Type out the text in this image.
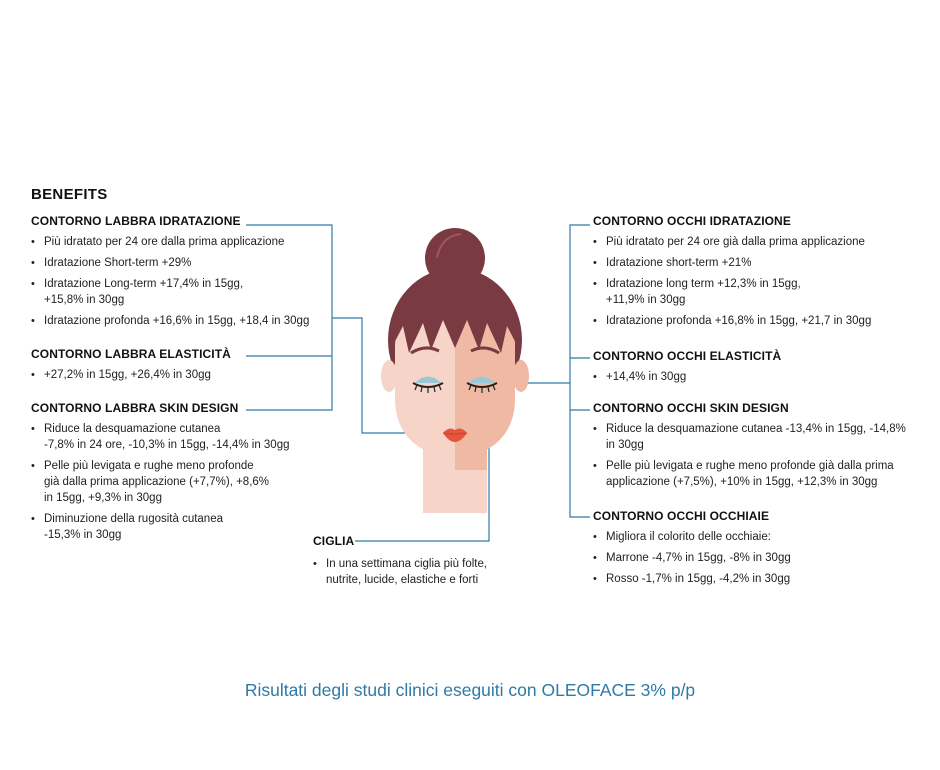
BENEFITS
CONTORNO LABBRA IDRATAZIONE
• Più idratato per 24 ore dalla prima applicazione
• Idratazione Short-term +29%
• Idratazione Long-term +17,4% in 15gg,
+15,8% in 30gg
• Idratazione profonda +16,6% in 15gg, +18,4 in 30gg
CONTORNO LABBRA ELASTICITÀ
• +27,2% in 15gg, +26,4% in 30gg
CONTORNO LABBRA SKIN DESIGN
• Riduce la desquamazione cutanea
-7,8% in 24 ore, -10,3% in 15gg, -14,4% in 30gg
• Pelle più levigata e rughe meno profonde
già dalla prima applicazione (+7,7%), +8,6%
in 15gg, +9,3% in 30gg
• Diminuzione della rugosità cutanea
-15,3% in 30gg	CIGLIA
• In una settimana ciglia più folte,
nutrite, lucide, elastiche e forti
CONTORNO OCCHI IDRATAZIONE
• Più idratato per 24 ore già dalla prima applicazione
• Idratazione short-term +21%
• Idratazione long term +12,3% in 15gg,
+11,9% in 30gg
• Idratazione profonda +16,8% in 15gg, +21,7 in 30gg
CONTORNO OCCHI ELASTICITÀ
• +14,4% in 30gg
CONTORNO OCCHI SKIN DESIGN
• Riduce la desquamazione cutanea -13,4% in 15gg, -14,8%
in 30gg
• Pelle più levigata e rughe meno profonde già dalla prima
applicazione (+7,5%), +10% in 15gg, +12,3% in 30gg
CONTORNO OCCHI OCCHIAIE
• Migliora il colorito delle occhiaie:
• Marrone -4,7% in 15gg, -8% in 30gg
• Rosso -1,7% in 15gg, -4,2% in 30gg
Risultati degli studi clinici eseguiti con OLEOFACE 3% p/p
